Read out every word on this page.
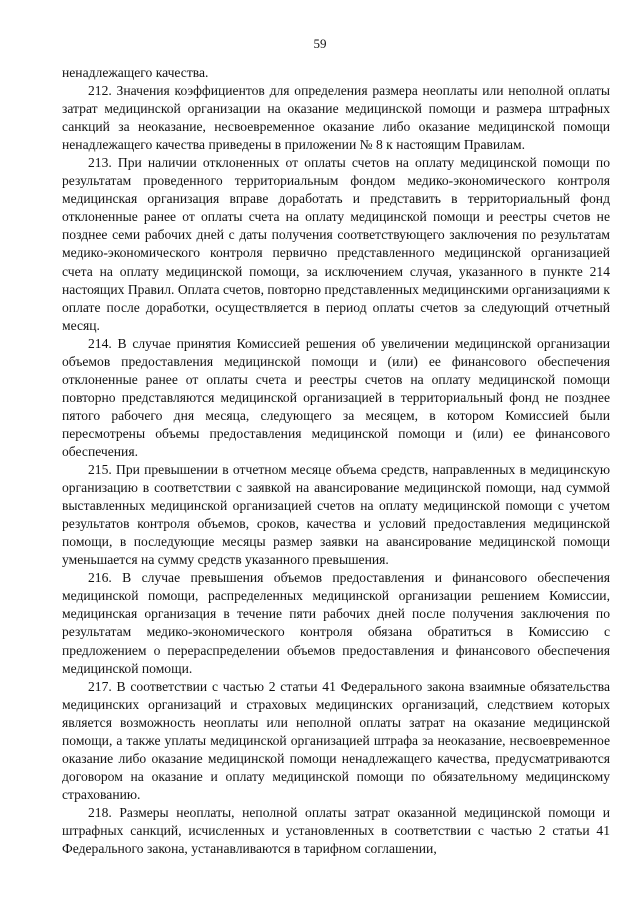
59

ненадлежащего качества.

212. Значения коэффициентов для определения размера неоплаты или неполной оплаты затрат медицинской организации на оказание медицинской помощи и размера штрафных санкций за неоказание, несвоевременное оказание либо оказание медицинской помощи ненадлежащего качества приведены в приложении № 8 к настоящим Правилам.

213. При наличии отклоненных от оплаты счетов на оплату медицинской помощи по результатам проведенного территориальным фондом медико-экономического контроля медицинская организация вправе доработать и представить в территориальный фонд отклоненные ранее от оплаты счета на оплату медицинской помощи и реестры счетов не позднее семи рабочих дней с даты получения соответствующего заключения по результатам медико-экономического контроля первично представленного медицинской организацией счета на оплату медицинской помощи, за исключением случая, указанного в пункте 214 настоящих Правил. Оплата счетов, повторно представленных медицинскими организациями к оплате после доработки, осуществляется в период оплаты счетов за следующий отчетный месяц.

214. В случае принятия Комиссией решения об увеличении медицинской организации объемов предоставления медицинской помощи и (или) ее финансового обеспечения отклоненные ранее от оплаты счета и реестры счетов на оплату медицинской помощи повторно представляются медицинской организацией в территориальный фонд не позднее пятого рабочего дня месяца, следующего за месяцем, в котором Комиссией были пересмотрены объемы предоставления медицинской помощи и (или) ее финансового обеспечения.

215. При превышении в отчетном месяце объема средств, направленных в медицинскую организацию в соответствии с заявкой на авансирование медицинской помощи, над суммой выставленных медицинской организацией счетов на оплату медицинской помощи с учетом результатов контроля объемов, сроков, качества и условий предоставления медицинской помощи, в последующие месяцы размер заявки на авансирование медицинской помощи уменьшается на сумму средств указанного превышения.

216. В случае превышения объемов предоставления и финансового обеспечения медицинской помощи, распределенных медицинской организации решением Комиссии, медицинская организация в течение пяти рабочих дней после получения заключения по результатам медико-экономического контроля обязана обратиться в Комиссию с предложением о перераспределении объемов предоставления и финансового обеспечения медицинской помощи.

217. В соответствии с частью 2 статьи 41 Федерального закона взаимные обязательства медицинских организаций и страховых медицинских организаций, следствием которых является возможность неоплаты или неполной оплаты затрат на оказание медицинской помощи, а также уплаты медицинской организацией штрафа за неоказание, несвоевременное оказание либо оказание медицинской помощи ненадлежащего качества, предусматриваются договором на оказание и оплату медицинской помощи по обязательному медицинскому страхованию.

218. Размеры неоплаты, неполной оплаты затрат оказанной медицинской помощи и штрафных санкций, исчисленных и установленных в соответствии с частью 2 статьи 41 Федерального закона, устанавливаются в тарифном соглашении,
